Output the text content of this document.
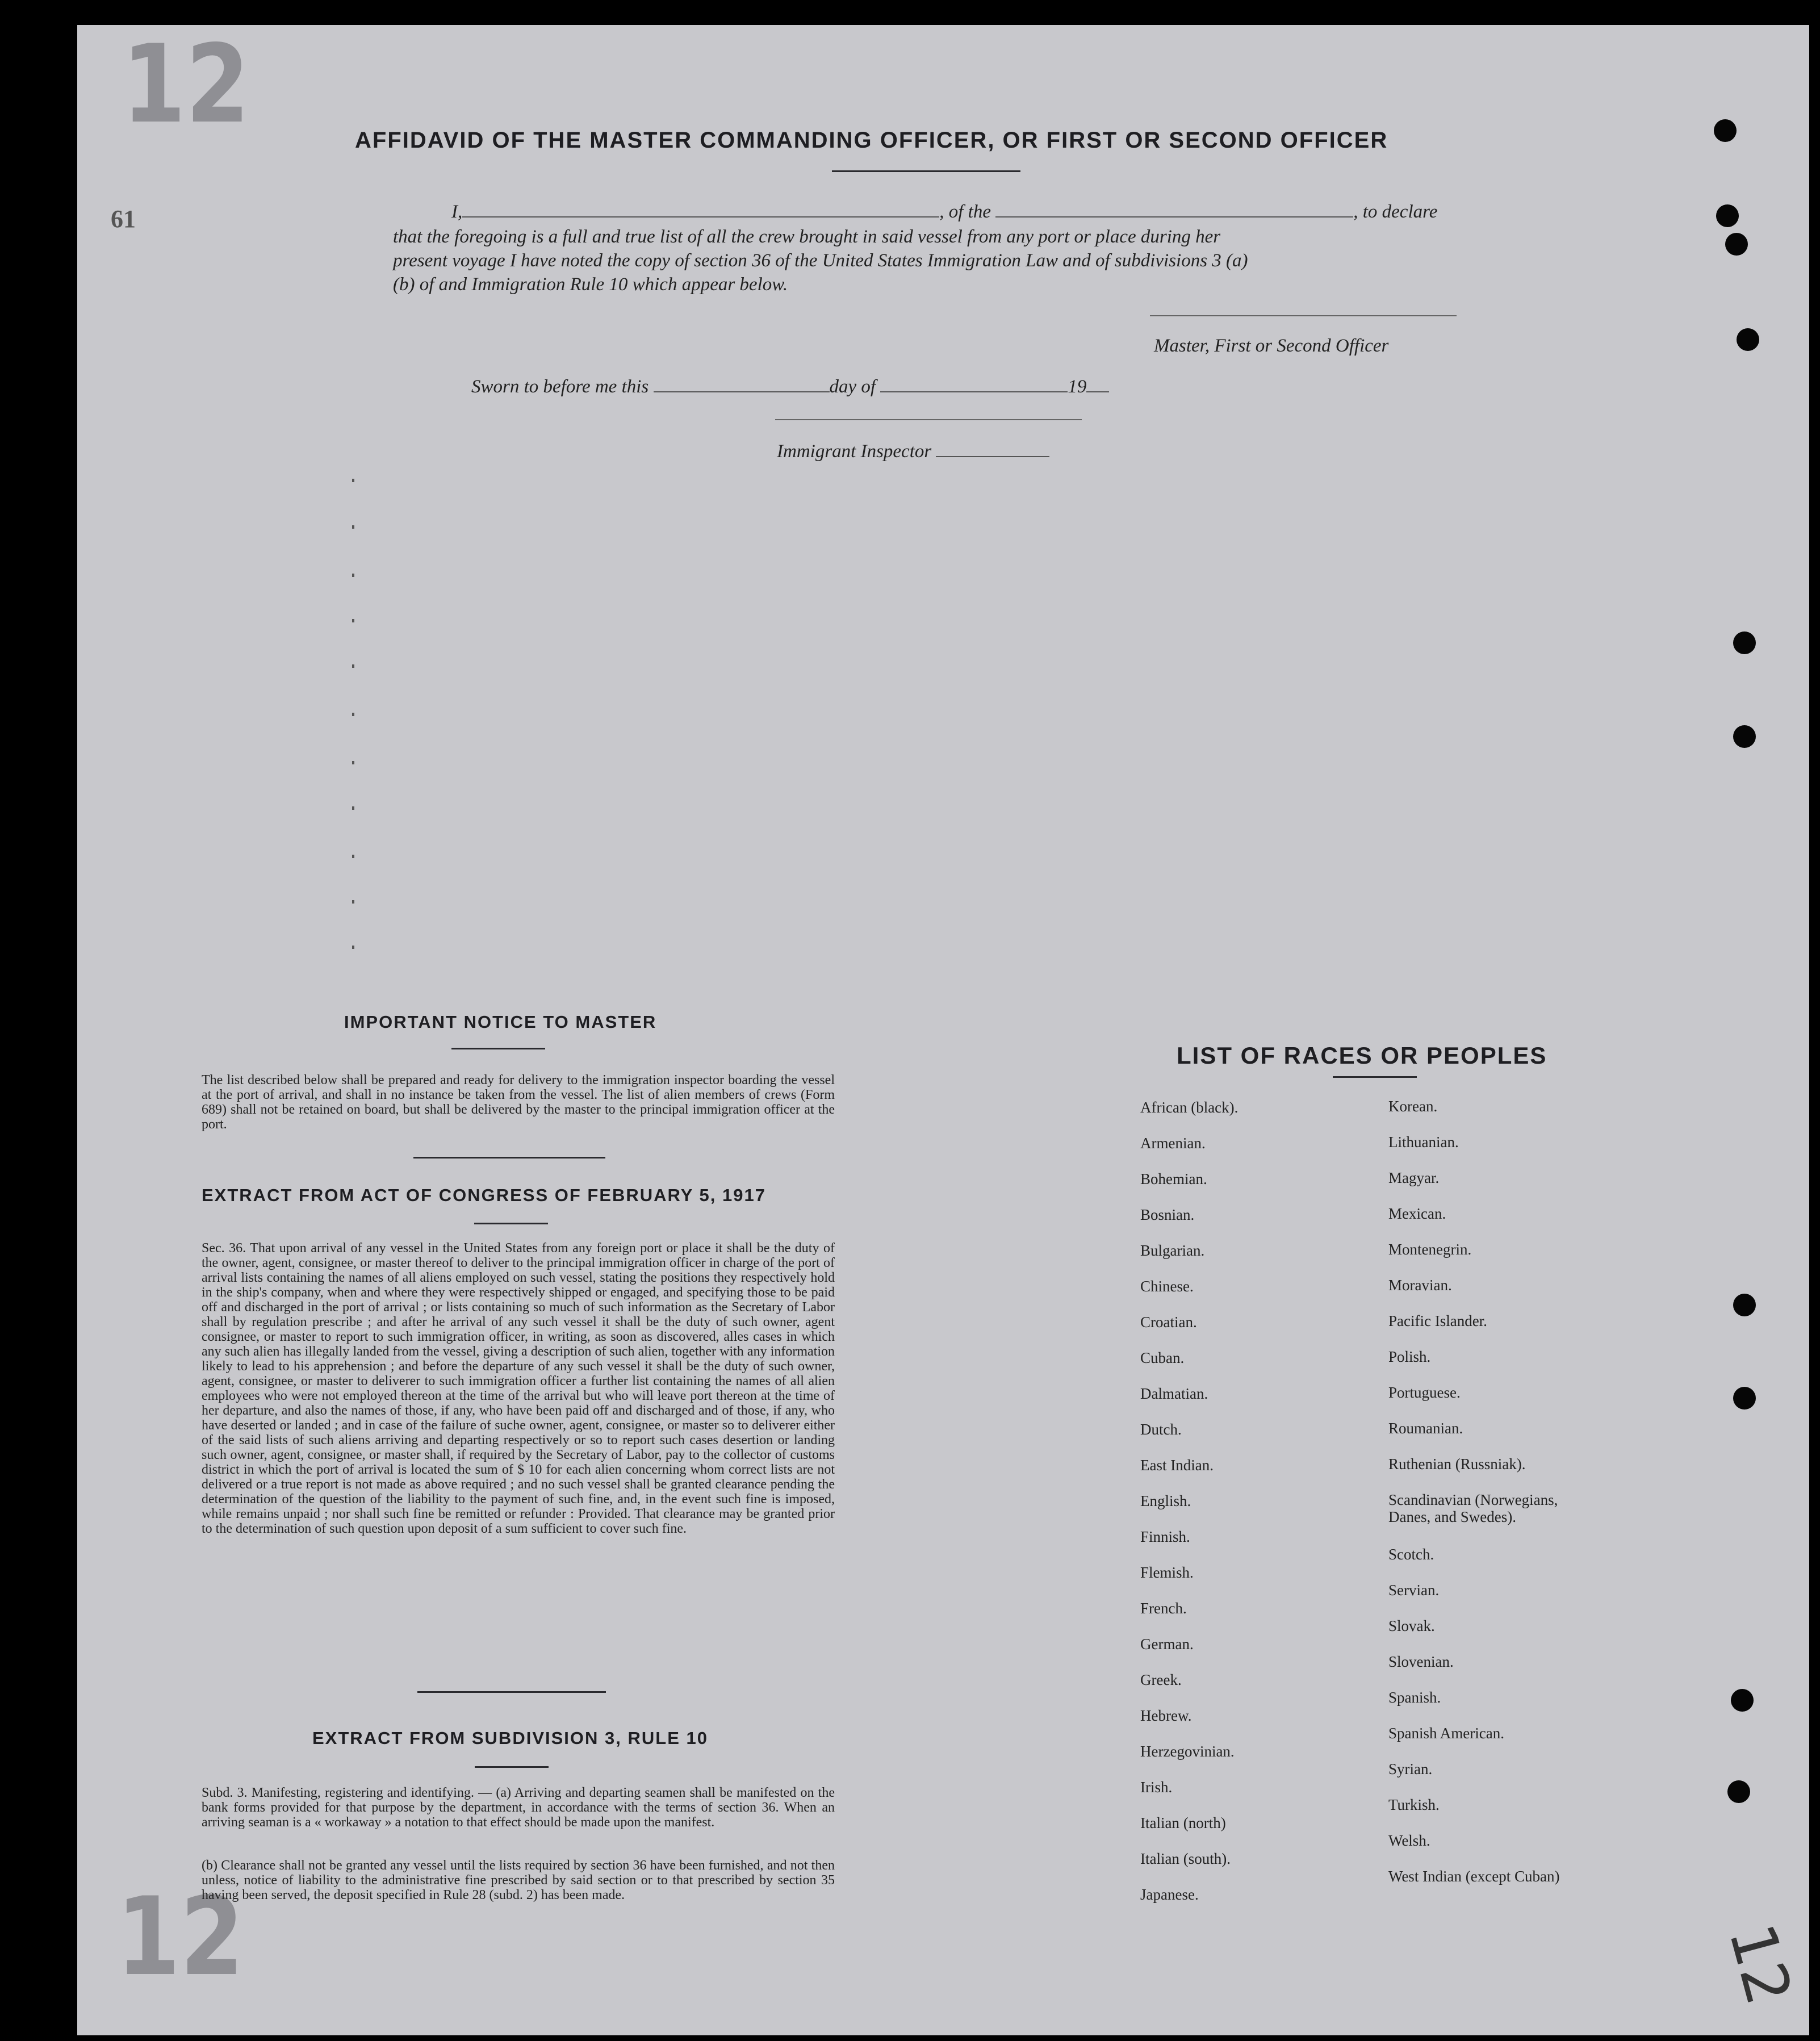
12
12	12
61
AFFIDAVID OF THE MASTER COMMANDING OFFICER, OR FIRST OR SECOND OFFICER
I,	, of the	, to declare
that the foregoing is a full and true list of all the crew brought in said vessel from any port or place during her
present voyage I have noted the copy of section 36 of the United States Immigration Law and of subdivisions 3 (a)
(b) of and Immigration Rule 10 which appear below.
Master, First or Second Officer
Sworn to before me this	day of	19
Immigrant Inspector
IMPORTANT NOTICE TO MASTER
The list described below shall be prepared and ready for delivery to the immigration inspector boarding the vessel at the port of arrival, and shall in no instance be taken from the vessel. The list of alien members of crews (Form 689) shall not be retained on board, but shall be delivered by the master to the principal immigration officer at the port.
EXTRACT FROM ACT OF CONGRESS OF FEBRUARY 5, 1917
Sec. 36. That upon arrival of any vessel in the United States from any foreign port or place it shall be the duty of the owner, agent, consignee, or master thereof to deliver to the principal immigration officer in charge of the port of arrival lists containing the names of all aliens employed on such vessel, stating the positions they respectively hold in the ship's company, when and where they were respectively shipped or engaged, and specifying those to be paid off and discharged in the port of arrival ; or lists containing so much of such information as the Secretary of Labor shall by regulation prescribe ; and after he arrival of any such vessel it shall be the duty of such owner, agent consignee, or master to report to such immigration officer, in writing, as soon as discovered, alles cases in which any such alien has illegally landed from the vessel, giving a description of such alien, together with any information likely to lead to his apprehension ; and before the departure of any such vessel it shall be the duty of such owner, agent, consignee, or master to deliverer to such immigration officer a further list containing the names of all alien employees who were not employed thereon at the time of the arrival but who will leave port thereon at the time of her departure, and also the names of those, if any, who have been paid off and discharged and of those, if any, who have deserted or landed ; and in case of the failure of suche owner, agent, consignee, or master so to deliverer either of the said lists of such aliens arriving and departing respectively or so to report such cases desertion or landing such owner, agent, consignee, or master shall, if required by the Secretary of Labor, pay to the collector of customs district in which the port of arrival is located the sum of $ 10 for each alien concerning whom correct lists are not delivered or a true report is not made as above required ; and no such vessel shall be granted clearance pending the determination of the question of the liability to the payment of such fine, and, in the event such fine is imposed, while remains unpaid ; nor shall such fine be remitted or refunder : Provided. That clearance may be granted prior to the determination of such question upon deposit of a sum sufficient to cover such fine.
EXTRACT FROM SUBDIVISION 3, RULE 10
Subd. 3. Manifesting, registering and identifying. — (a) Arriving and departing seamen shall be manifested on the bank forms provided for that purpose by the department, in accordance with the terms of section 36. When an arriving seaman is a « workaway » a notation to that effect should be made upon the manifest.
(b) Clearance shall not be granted any vessel until the lists required by section 36 have been furnished, and not then unless, notice of liability to the administrative fine prescribed by said section or to that prescribed by section 35 having been served, the deposit specified in Rule 28 (subd. 2) has been made.
LIST OF RACES OR PEOPLES
African (black).
Armenian.
Bohemian.
Bosnian.
Bulgarian.
Chinese.
Croatian.
Cuban.
Dalmatian.
Dutch.
East Indian.
English.
Finnish.
Flemish.
French.
German.
Greek.
Hebrew.
Herzegovinian.
Irish.
Italian (north)
Italian (south).
Japanese.
Korean.
Lithuanian.
Magyar.
Mexican.
Montenegrin.
Moravian.
Pacific Islander.
Polish.
Portuguese.
Roumanian.
Ruthenian (Russniak).
Scandinavian (Norwegians, Danes, and Swedes).
Scotch.
Servian.
Slovak.
Slovenian.
Spanish.
Spanish American.
Syrian.
Turkish.
Welsh.
West Indian (except Cuban)
